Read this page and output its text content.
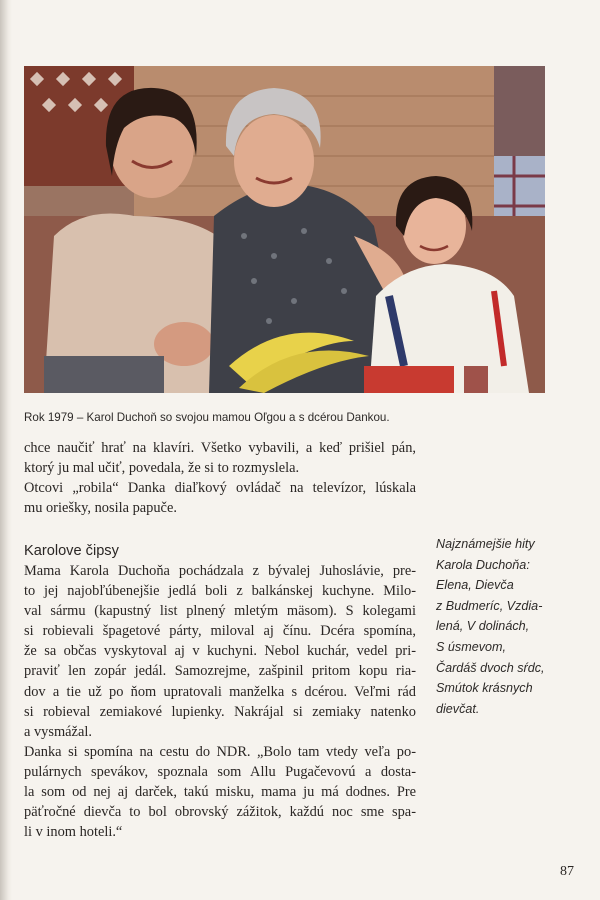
Rok 1979 – Karol Duchoň so svojou mamou Oľgou a s dcérou Dankou.
chce naučiť hrať na klavíri. Všetko vybavili, a keď prišiel pán,
ktorý ju mal učiť, povedala, že si to rozmyslela.
Otcovi „robila“ Danka diaľkový ovládač na televízor, lúskala
mu oriešky, nosila papuče.
Karolove čipsy
Mama Karola Duchoňa pochádzala z bývalej Juhoslávie, pre-
to jej najobľúbenejšie jedlá boli z balkánskej kuchyne. Milo-
val sármu (kapustný list plnený mletým mäsom). S kolegami
si robievali špagetové párty, miloval aj čínu. Dcéra spomína,
že sa občas vyskytoval aj v kuchyni. Nebol kuchár, vedel pri-
praviť len zopár jedál. Samozrejme, zašpinil pritom kopu ria-
dov a tie už po ňom upratovali manželka s dcérou. Veľmi rád
si robieval zemiakové lupienky. Nakrájal si zemiaky natenko
a vysmážal.
Danka si spomína na cestu do NDR. „Bolo tam vtedy veľa po-
pulárnych spevákov, spoznala som Allu Pugačevovú a dosta-
la som od nej aj darček, takú misku, mama ju má dodnes. Pre
päťročné dievča to bol obrovský zážitok, každú noc sme spa-
li v inom hoteli.“
Najznámejšie hity
Karola Duchoňa:
Elena, Dievča
z Budmeríc, Vzdia-
lená, V dolinách,
S úsmevom,
Čardáš dvoch sŕdc,
Smútok krásnych
dievčat.
87
